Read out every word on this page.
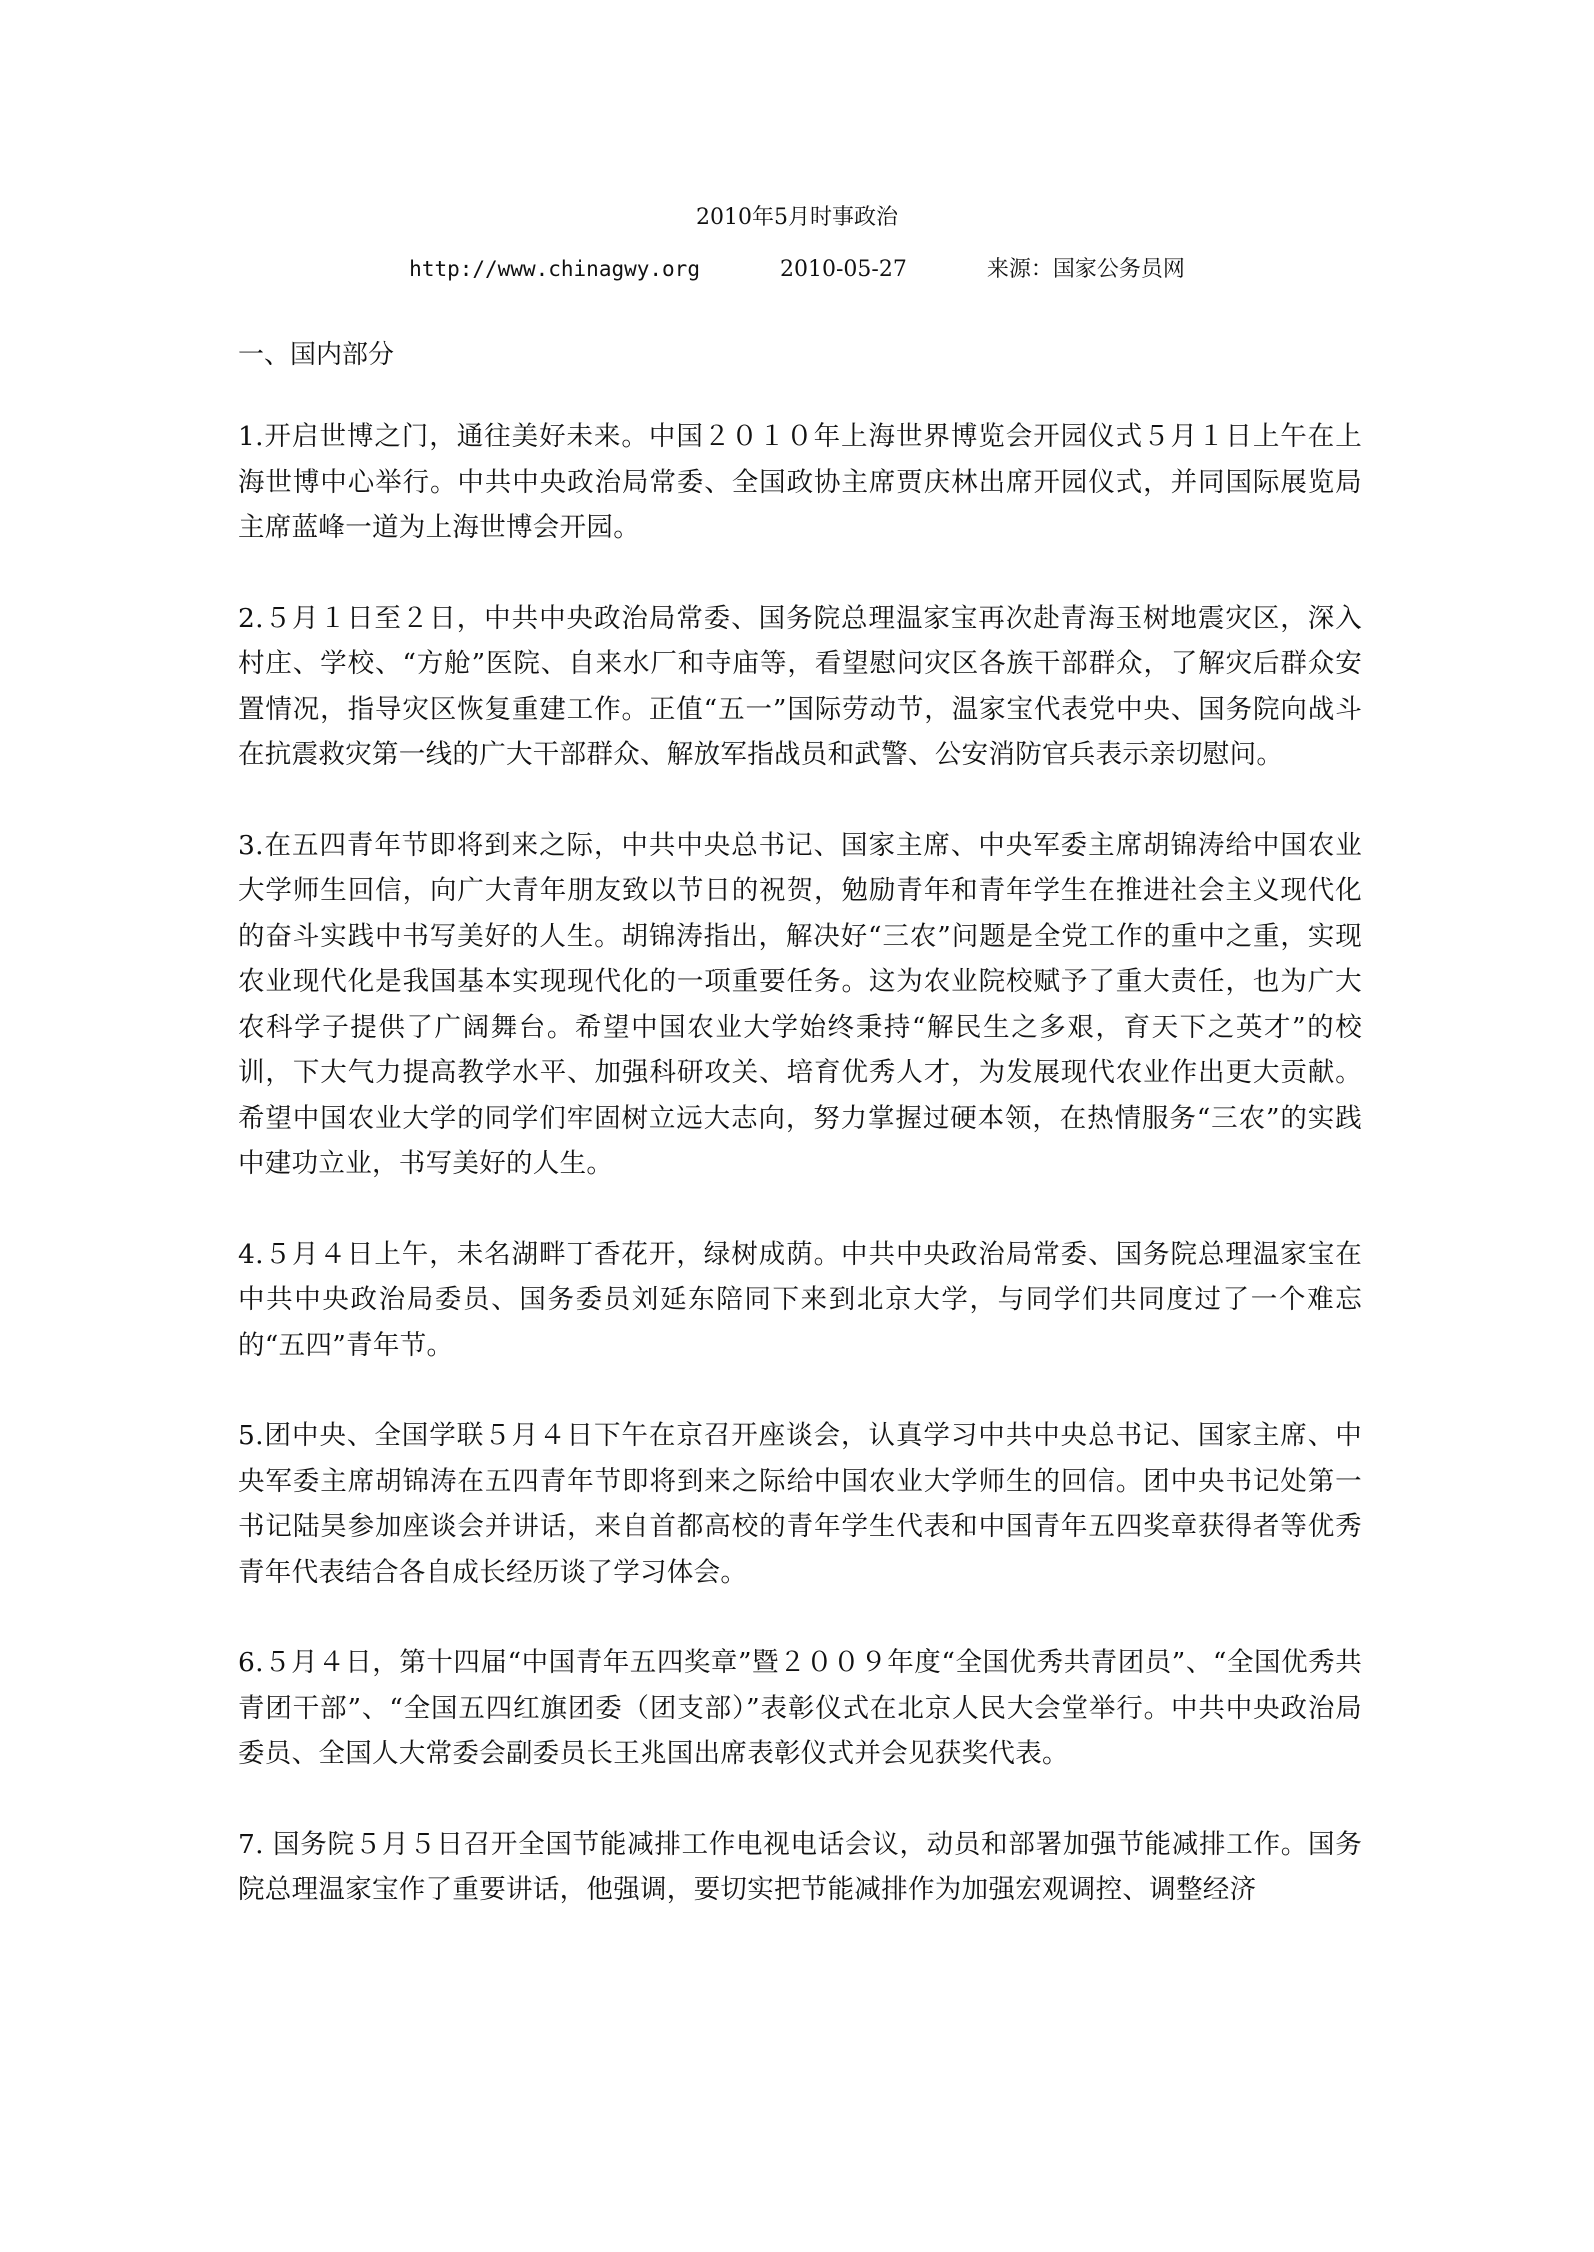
2010年5月时事政治
http://www.chinagwy.org	2010-05-27	来源：国家公务员网
一、国内部分

1.开启世博之门，通往美好未来。中国２０１０年上海世界博览会开园仪式５月１日上午在上海世博中心举行。中共中央政治局常委、全国政协主席贾庆林出席开园仪式，并同国际展览局主席蓝峰一道为上海世博会开园。

2.５月１日至２日，中共中央政治局常委、国务院总理温家宝再次赴青海玉树地震灾区，深入村庄、学校、“方舱”医院、自来水厂和寺庙等，看望慰问灾区各族干部群众，了解灾后群众安置情况，指导灾区恢复重建工作。正值“五一”国际劳动节，温家宝代表党中央、国务院向战斗在抗震救灾第一线的广大干部群众、解放军指战员和武警、公安消防官兵表示亲切慰问。

3.在五四青年节即将到来之际，中共中央总书记、国家主席、中央军委主席胡锦涛给中国农业大学师生回信，向广大青年朋友致以节日的祝贺，勉励青年和青年学生在推进社会主义现代化的奋斗实践中书写美好的人生。胡锦涛指出，解决好“三农”问题是全党工作的重中之重，实现农业现代化是我国基本实现现代化的一项重要任务。这为农业院校赋予了重大责任，也为广大农科学子提供了广阔舞台。希望中国农业大学始终秉持“解民生之多艰，育天下之英才”的校训，下大气力提高教学水平、加强科研攻关、培育优秀人才，为发展现代农业作出更大贡献。希望中国农业大学的同学们牢固树立远大志向，努力掌握过硬本领，在热情服务“三农”的实践中建功立业，书写美好的人生。

4.５月４日上午，未名湖畔丁香花开，绿树成荫。中共中央政治局常委、国务院总理温家宝在中共中央政治局委员、国务委员刘延东陪同下来到北京大学，与同学们共同度过了一个难忘的“五四”青年节。

5.团中央、全国学联５月４日下午在京召开座谈会，认真学习中共中央总书记、国家主席、中央军委主席胡锦涛在五四青年节即将到来之际给中国农业大学师生的回信。团中央书记处第一书记陆昊参加座谈会并讲话，来自首都高校的青年学生代表和中国青年五四奖章获得者等优秀青年代表结合各自成长经历谈了学习体会。

6.５月４日，第十四届“中国青年五四奖章”暨２００９年度“全国优秀共青团员”、“全国优秀共青团干部”、“全国五四红旗团委（团支部）”表彰仪式在北京人民大会堂举行。中共中央政治局委员、全国人大常委会副委员长王兆国出席表彰仪式并会见获奖代表。

7. 国务院５月５日召开全国节能减排工作电视电话会议，动员和部署加强节能减排工作。国务院总理温家宝作了重要讲话，他强调，要切实把节能减排作为加强宏观调控、调整经济
